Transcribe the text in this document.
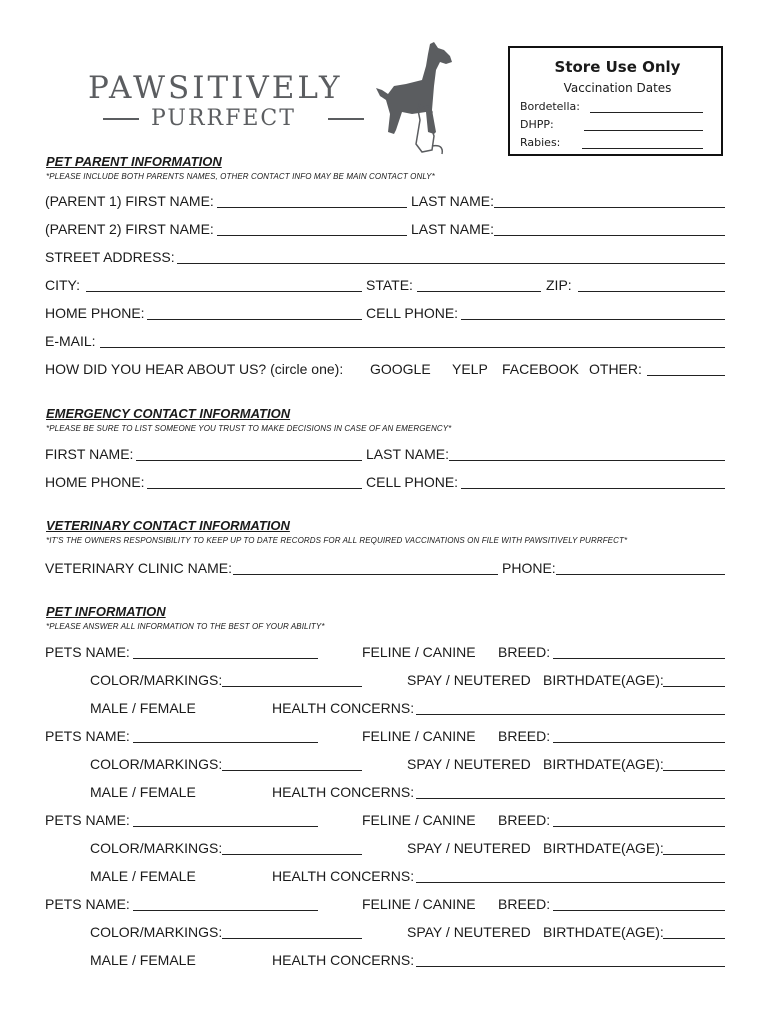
PAWSITIVELY
PURRFECT
Store Use Only
Vaccination Dates
Bordetella:
DHPP:
Rabies:
PET PARENT INFORMATION
*PLEASE INCLUDE BOTH PARENTS NAMES, OTHER CONTACT INFO MAY BE MAIN CONTACT ONLY*
(PARENT 1) FIRST NAME:	LAST NAME:
(PARENT 2) FIRST NAME:	LAST NAME:
STREET ADDRESS:
CITY:	STATE:	ZIP:
HOME PHONE:	CELL PHONE:
E-MAIL:
HOW DID YOU HEAR ABOUT US? (circle one): GOOGLE YELP FACEBOOK OTHER:
EMERGENCY CONTACT INFORMATION
*PLEASE BE SURE TO LIST SOMEONE YOU TRUST TO MAKE DECISIONS IN CASE OF AN EMERGENCY*
FIRST NAME:	LAST NAME:
HOME PHONE:	CELL PHONE:
VETERINARY CONTACT INFORMATION
*IT'S THE OWNERS RESPONSIBILITY TO KEEP UP TO DATE RECORDS FOR ALL REQUIRED VACCINATIONS ON FILE WITH PAWSITIVELY PURRFECT*
VETERINARY CLINIC NAME:	PHONE:
PET INFORMATION
*PLEASE ANSWER ALL INFORMATION TO THE BEST OF YOUR ABILITY*
PETS NAME:	FELINE / CANINE BREED:
COLOR/MARKINGS:	SPAY / NEUTERED BIRTHDATE(AGE):
MALE / FEMALE	HEALTH CONCERNS:
PETS NAME:	FELINE / CANINE BREED:
COLOR/MARKINGS:	SPAY / NEUTERED BIRTHDATE(AGE):
MALE / FEMALE	HEALTH CONCERNS:
PETS NAME:	FELINE / CANINE BREED:
COLOR/MARKINGS:	SPAY / NEUTERED BIRTHDATE(AGE):
MALE / FEMALE	HEALTH CONCERNS:
PETS NAME:	FELINE / CANINE BREED:
COLOR/MARKINGS:	SPAY / NEUTERED BIRTHDATE(AGE):
MALE / FEMALE	HEALTH CONCERNS:
